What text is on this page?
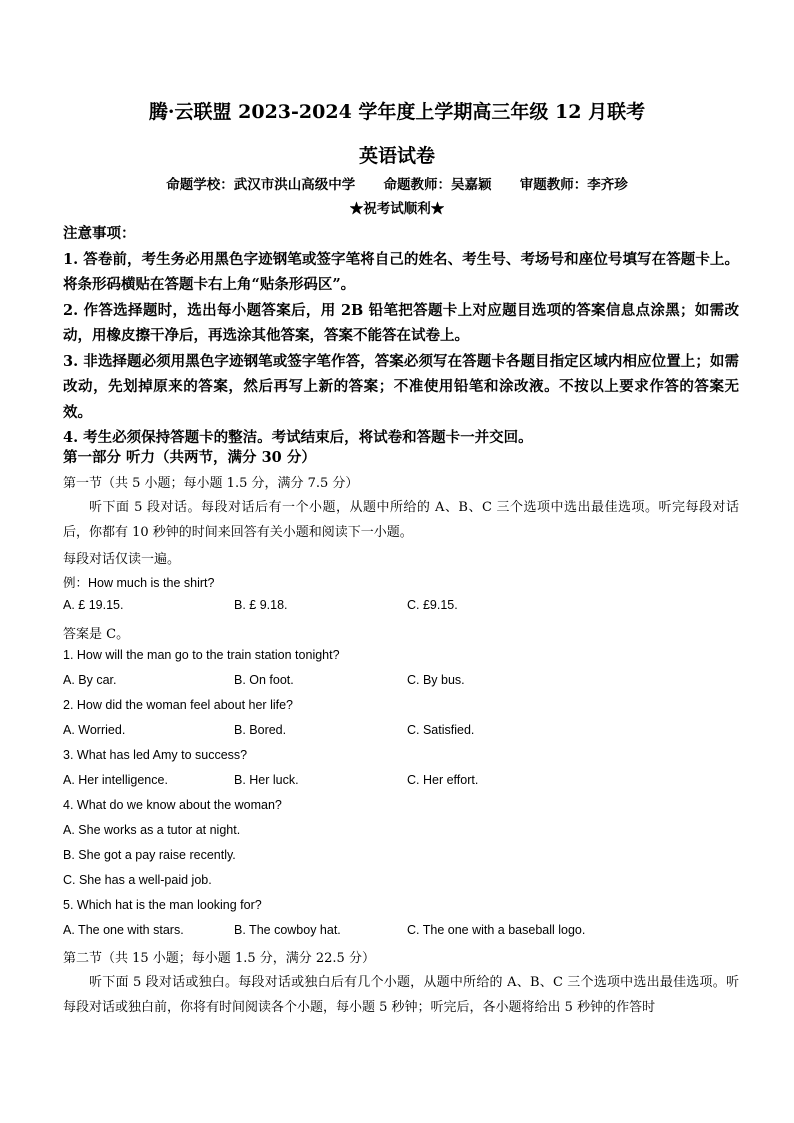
腾·云联盟 2023-2024 学年度上学期高三年级 12 月联考
英语试卷
命题学校：武汉市洪山高级中学      命题教师：吴嘉颖      审题教师：李齐珍
★祝考试顺利★

注意事项：

1. 答卷前，考生务必用黑色字迹钢笔或签字笔将自己的姓名、考生号、考场号和座位号填写在答题卡上。将条形码横贴在答题卡右上角“贴条形码区”。

2. 作答选择题时，选出每小题答案后，用 2B 铅笔把答题卡上对应题目选项的答案信息点涂黑；如需改动，用橡皮擦干净后，再选涂其他答案，答案不能答在试卷上。

3. 非选择题必须用黑色字迹钢笔或签字笔作答，答案必须写在答题卡各题目指定区域内相应位置上；如需改动，先划掉原来的答案，然后再写上新的答案；不准使用铅笔和涂改液。不按以上要求作答的答案无效。

4. 考生必须保持答题卡的整洁。考试结束后，将试卷和答题卡一并交回。

第一部分 听力（共两节，满分 30 分）
第一节（共 5 小题；每小题 1.5 分，满分 7.5 分）
听下面 5 段对话。每段对话后有一个小题，从题中所给的 A、B、C 三个选项中选出最佳选项。听完每段对话后，你都有 10 秒钟的时间来回答有关小题和阅读下一小题。
每段对话仅读一遍。
例：How much is the shirt?
A. £ 19.15.	B. £ 9.18.	C. £9.15.
答案是 C。
1. How will the man go to the train station tonight?
A. By car.	B. On foot.	C. By bus.
2. How did the woman feel about her life?
A. Worried.	B. Bored.	C. Satisfied.
3. What has led Amy to success?
A. Her intelligence.	B. Her luck.	C. Her effort.
4. What do we know about the woman?
A. She works as a tutor at night.
B. She got a pay raise recently.
C. She has a well-paid job.
5. Which hat is the man looking for?
A. The one with stars.	B. The cowboy hat.	C. The one with a baseball logo.
第二节（共 15 小题；每小题 1.5 分，满分 22.5 分）
听下面 5 段对话或独白。每段对话或独白后有几个小题，从题中所给的 A、B、C 三个选项中选出最佳选项。听每段对话或独白前，你将有时间阅读各个小题，每小题 5 秒钟；听完后，各小题将给出 5 秒钟的作答时
